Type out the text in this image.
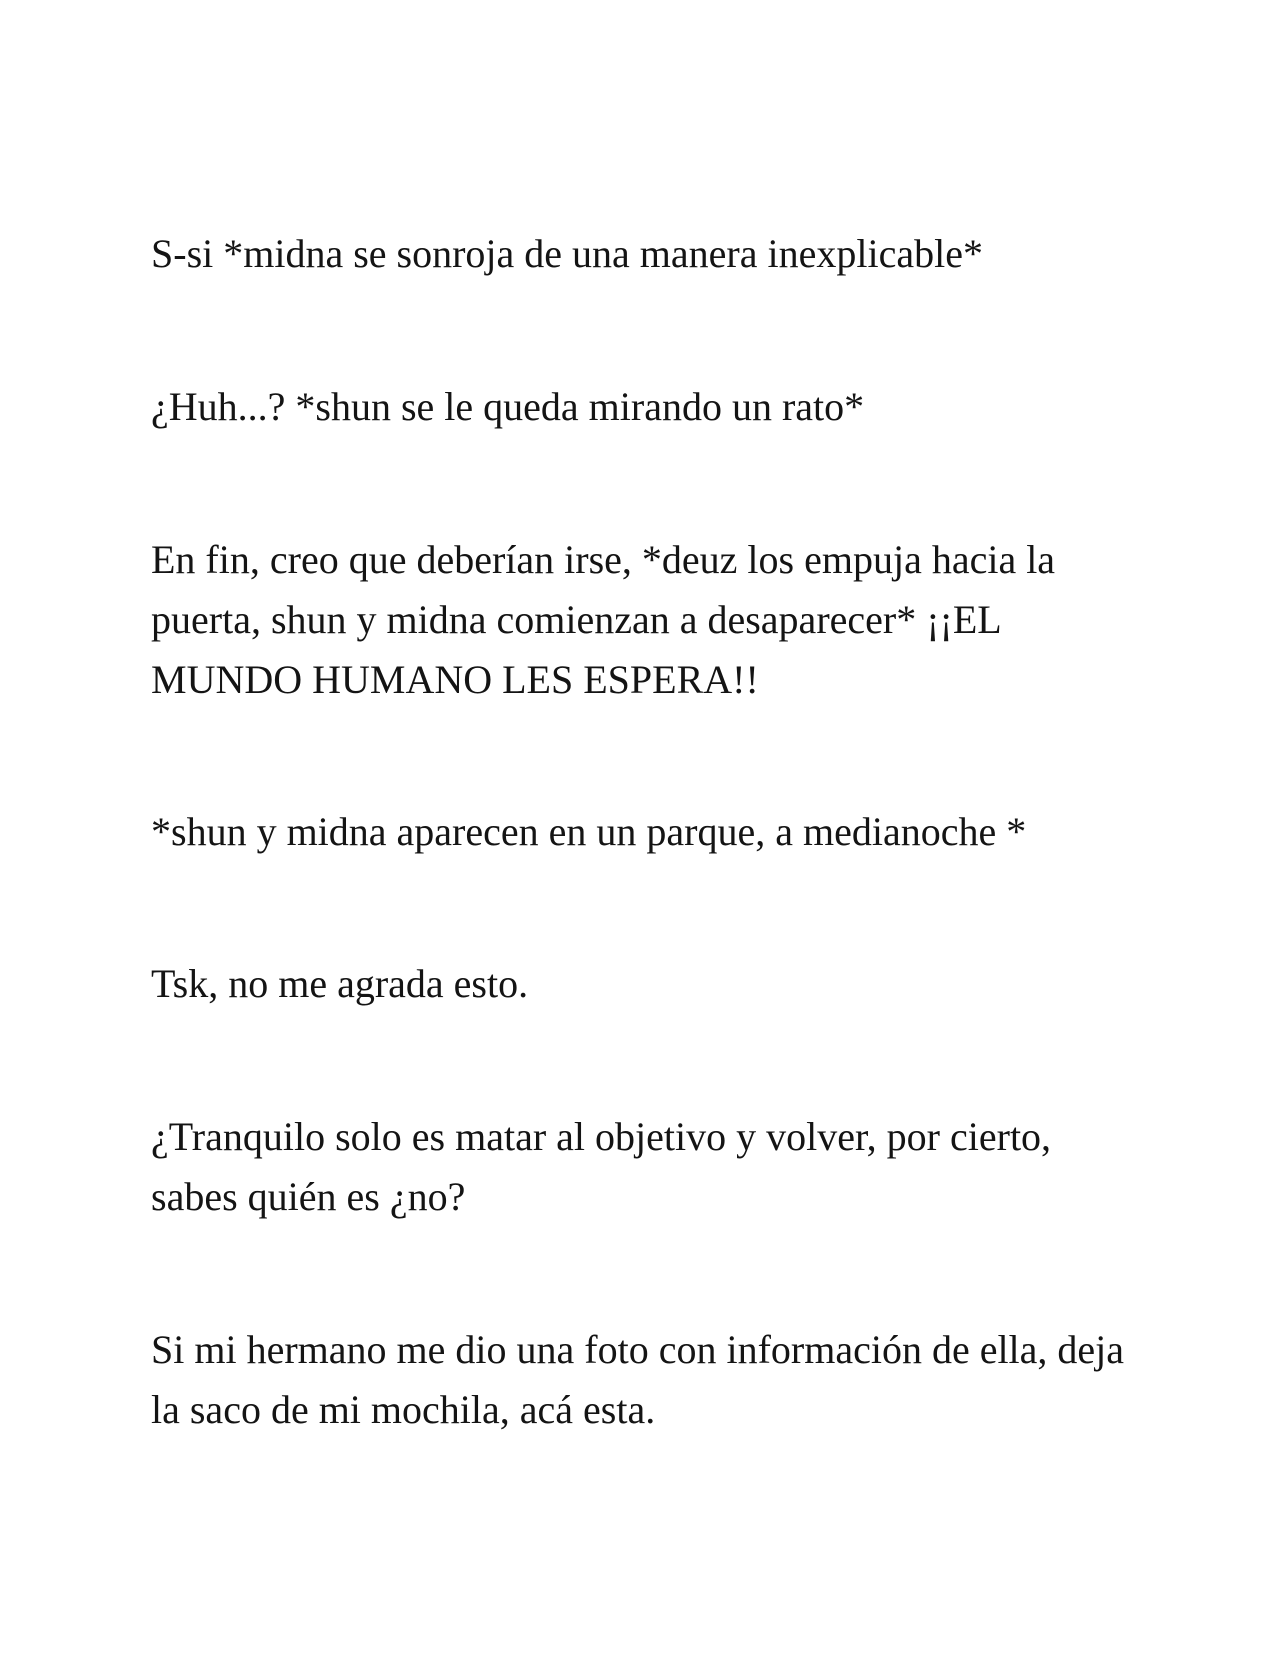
S-si *midna se sonroja de una manera inexplicable*

¿Huh...? *shun se le queda mirando un rato*

En fin, creo que deberían irse, *deuz los empuja hacia la puerta, shun y midna comienzan a desaparecer* ¡¡EL MUNDO HUMANO LES ESPERA!!

*shun y midna aparecen en un parque, a medianoche *

Tsk, no me agrada esto.

¿Tranquilo solo es matar al objetivo y volver, por cierto, sabes quién es ¿no?

Si mi hermano me dio una foto con información de ella, deja la saco de mi mochila, acá esta.
